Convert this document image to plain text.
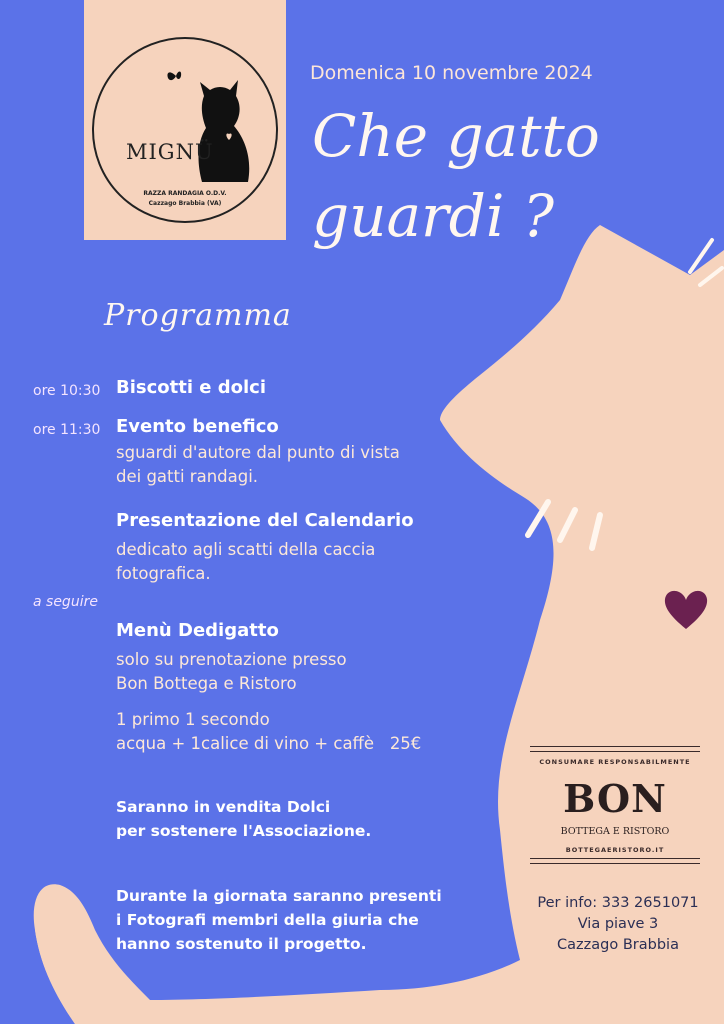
MIGNÜ
RAZZA RANDAGIA O.D.V.
Cazzago Brabbia (VA)
Domenica 10 novembre 2024
Che gatto
guardi ?
Programma
ore 10:30 Biscotti e dolci
ore 11:30 Evento benefico
sguardi d'autore dal punto di vista
dei gatti randagi.
Presentazione del Calendario
dedicato agli scatti della caccia
fotografica.
a seguire
Menù Dedigatto
solo su prenotazione presso
Bon Bottega e Ristoro
1 primo 1 secondo
acqua + 1calice di vino + caffè   25€
Saranno in vendita Dolci
per sostenere l'Associazione.
Durante la giornata saranno presenti
i Fotografi membri della giuria che
hanno sostenuto il progetto.
CONSUMARE RESPONSABILMENTE
BON
BOTTEGA E RISTORO
BOTTEGAERISTORO.IT
Per info: 333 2651071
Via piave 3
Cazzago Brabbia
